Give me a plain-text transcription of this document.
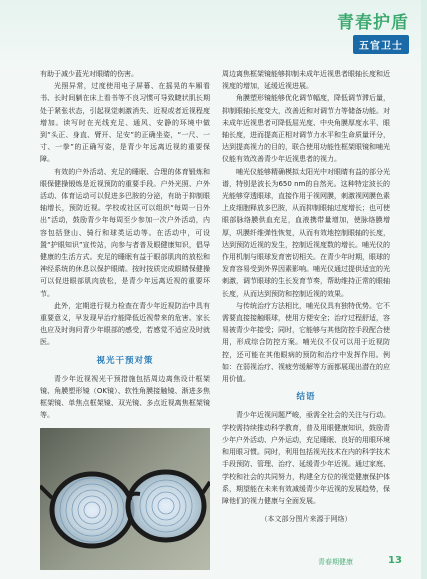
青春护盾
五官卫士

有助于减少蓝光对眼睛的伤害。

光照异常，过度使用电子屏幕、在摇晃的车厢看书、长时间躺在床上看书等不良习惯可导致睫状肌长期处于紧张状态，引起视觉刺激消失、近视或者近视程度增加。读写时在光线充足、通风、安静的环境中做到“头正、身直、臂开、足安”的正确坐姿，“一尺、一寸、一拳”的正确写姿，是青少年远离近视的重要保障。

有效的户外活动、充足的睡眠、合理的体育锻炼和眼保健操锻炼是近视预防的重要手段。户外光照、户外活动、体育运动可以促进多巴胺的分泌，有助于抑制眼轴增长，预防近视。学校或社区可以组织“每周一日外出”活动，鼓励青少年每周至少参加一次户外活动，内容包括登山、骑行和球类运动等。在活动中，可设置“护眼知识”宣传站，向参与者普及眼健康知识，倡导健康的生活方式。充足的睡眠有益于眼部肌肉的放松和神经系统的休息以保护眼睛。按时按质完成眼睛保健操可以促进眼部肌肉放松，是青少年远离近视的重要环节。

此外，定期进行视力检查在青少年近视防治中具有重要意义，早发现早治疗能降低近视带来的危害。家长也应及时询问青少年眼部的感受，若感觉不适应及时就医。

视光干预对策

青少年近视视光干预措施包括周边离焦设计框架镜、角膜塑形镜（OK镜）、软性角膜接触镜、渐进多焦框架镜、单焦点框架镜、双光镜、多点近视离焦框架镜等。

周边离焦框架镜能够抑制未成年近视患者眼轴长度和近视度的增加，延缓近视进展。

角膜塑形镜能够优化调节幅度，降低调节滞后量，抑制眼轴长度变大，改善近和对调节力等储备功能。对未成年近视患者可降低屈光度、中央角膜厚度水平、眼轴长度，进而提高正相对调节力水平和生命质量评分，达到提高视力的目的，联合使用功能性框架眼镜和哺光仪能有效改善青少年近视患者的视力。

哺光仪能够精确模拟太阳光中对眼睛有益的部分光谱，特别是波长为650 nm的自然光。这种特定波长的光能够穿透眼球，直接作用于视网膜，刺激视网膜色素上皮细胞释放多巴胺，从而抑制眼轴过度增长；也可使眼部脉络膜供血充足，血液携带量增加，使脉络膜增厚，巩膜纤维弹性恢复，从而有效地控制眼轴的长度，达到预防近视的发生，控制近视度数的增长。哺光仪的作用机制与眼球发育密切相关。在青少年时期，眼球的发育容易受到外界因素影响。哺光仪通过提供适宜的光刺激，调节眼球的生长发育节奏，帮助维持正常的眼轴长度，从而达到预防和控制近视的效果。

与传统治疗方法相比，哺光仪具有独特优势。它不需要直接接触眼球，使用方便安全；治疗过程舒适，容易被青少年接受；同时，它能够与其他防控手段配合使用，形成综合防控方案。哺光仪不仅可以用于近视防控，还可能在其他眼病的预防和治疗中发挥作用。例如：在弱视治疗、视疲劳缓解等方面都展现出潜在的应用价值。

结语

青少年近视问题严峻，亟需全社会的关注与行动。学校需持续推动科学教育，普及用眼健康知识，鼓励青少年户外活动、户外运动，充足睡眠、良好的用眼环境和用眼习惯。同时，利用包括视光技术在内的科学技术手段预防、管理、治疗、延缓青少年近视。通过家庭、学校和社会的共同努力，构建全方位的视觉健康保护体系，期望能在未来有效减缓青少年近视的发展趋势，保障他们的视力健康与全面发展。

（本文部分图片来源于网络）
青春期健康	13
